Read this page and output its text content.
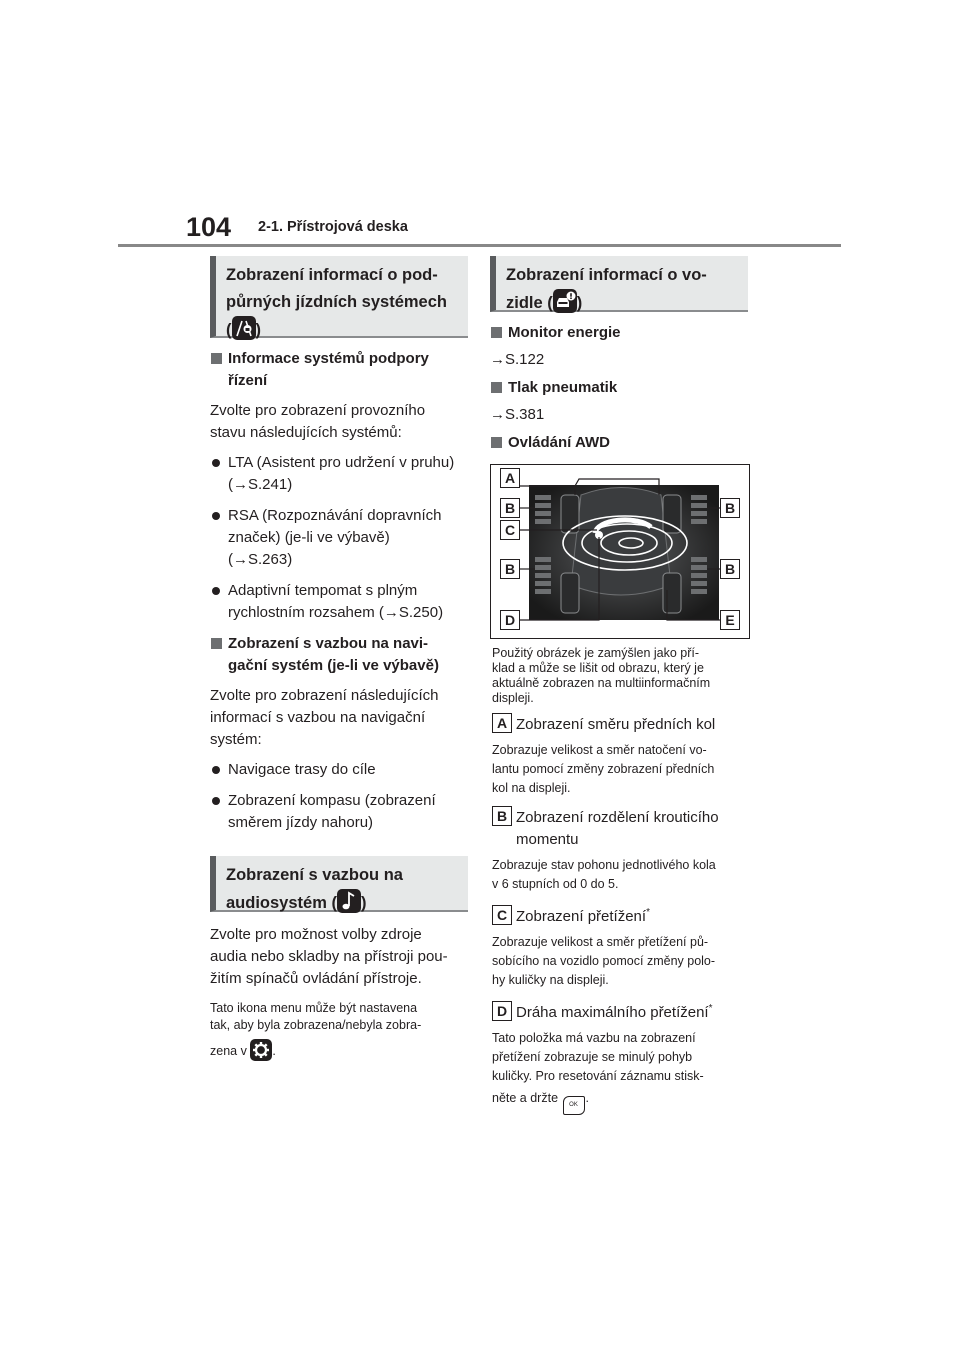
104 2-1. Přístrojová deska
Zobrazení informací o pod-
půrných jízdních systémech
( )
Informace systémů podpory
řízení
Zvolte pro zobrazení provozního
stavu následujících systémů:
LTA (Asistent pro udržení v pruhu)
(→S.241)
RSA (Rozpoznávání dopravních
značek) (je-li ve výbavě)
(→S.263)
Adaptivní tempomat s plným
rychlostním rozsahem (→S.250)
Zobrazení s vazbou na navi-
gační systém (je-li ve výbavě)
Zvolte pro zobrazení následujících
informací s vazbou na navigační
systém:
Navigace trasy do cíle
Zobrazení kompasu (zobrazení
směrem jízdy nahoru)
Zobrazení s vazbou na
audiosystém ( )
Zvolte pro možnost volby zdroje
audia nebo skladby na přístroji pou-
žitím spínačů ovládání přístroje.
Tato ikona menu může být nastavena
tak, aby byla zobrazena/nebyla zobra-
zena v .
Zobrazení informací o vo-
zidle ( )
Monitor energie
→S.122
Tlak pneumatik
→S.381
Ovládání AWD
A
B	B
C
B	B
D	E
Použitý obrázek je zamýšlen jako pří-
klad a může se lišit od obrazu, který je
aktuálně zobrazen na multiinformačním
displeji.
A Zobrazení směru předních kol
Zobrazuje velikost a směr natočení vo-
lantu pomocí změny zobrazení předních
kol na displeji.
B Zobrazení rozdělení krouticího
momentu
Zobrazuje stav pohonu jednotlivého kola
v 6 stupních od 0 do 5.
C Zobrazení přetížení*
Zobrazuje velikost a směr přetížení pů-
sobícího na vozidlo pomocí změny polo-
hy kuličky na displeji.
D Dráha maximálního přetížení*
Tato položka má vazbu na zobrazení
přetížení zobrazuje se minulý pohyb
kuličky. Pro resetování záznamu stisk-
něte a držte OK .
